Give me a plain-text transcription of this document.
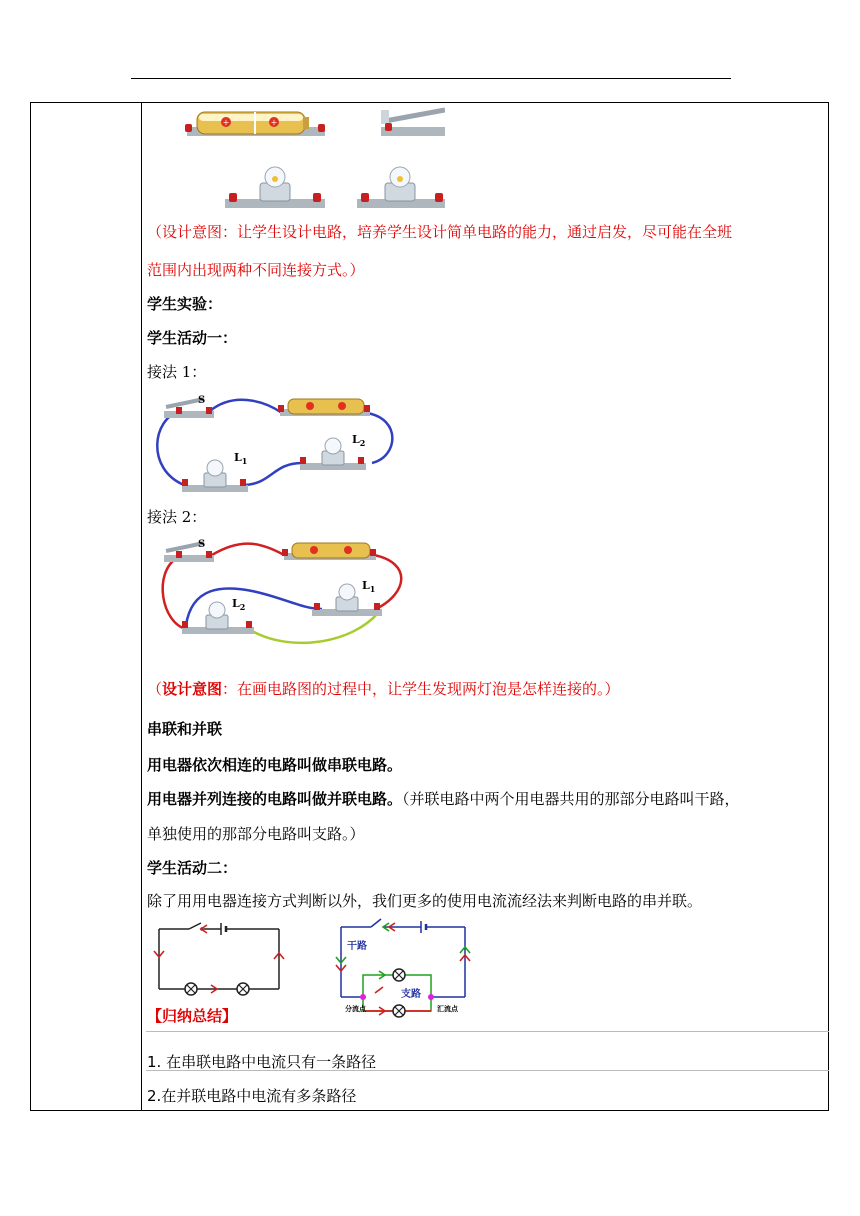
+	+
（设计意图：让学生设计电路，培养学生设计简单电路的能力，通过启发，尽可能在全班
范围内出现两种不同连接方式。）
学生实验：
学生活动一：
接法 1：
S
$L_1$
$L_2$
接法 2：
S
$L_2$
$L_1$
（设计意图：在画电路图的过程中，让学生发现两灯泡是怎样连接的。）
串联和并联
用电器依次相连的电路叫做串联电路。
用电器并列连接的电路叫做并联电路。（并联电路中两个用电器共用的那部分电路叫干路，
单独使用的那部分电路叫支路。）
学生活动二：
除了用用电器连接方式判断以外，我们更多的使用电流流经法来判断电路的串并联。
干路
支路
分流点	汇流点
【归纳总结】
1. 在串联电路中电流只有一条路径
2.在并联电路中电流有多条路径
